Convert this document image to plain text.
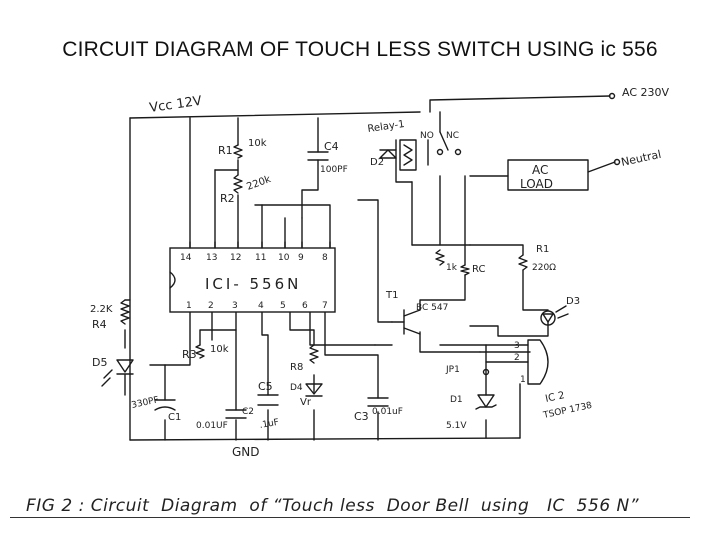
CIRCUIT DIAGRAM OF TOUCH LESS SWITCH USING ic 556
Vcc 12V
AC 230V
Neutral
AC
LOAD
Relay-1
NO NC
D2
R1
10k
R2
220k
C4
100PF
ICI- 556N
14 13 12 11 10 9 8
1 2 3 4 5 6 7
2.2K
R4
D5
330PF
C1
R3 10k
C2
0.01UF
C5
.1uF
R8
D4
Vr
C3 0.01uF
GND
1k RC
T1
BC 547
R1
220Ω
D3
JP1
D1
5.1V
3
2
1
IC 2
TSOP 1738
FIG 2 : Circuit  Diagram  of “Touch less  Door Bell  using   IC  556 N”
